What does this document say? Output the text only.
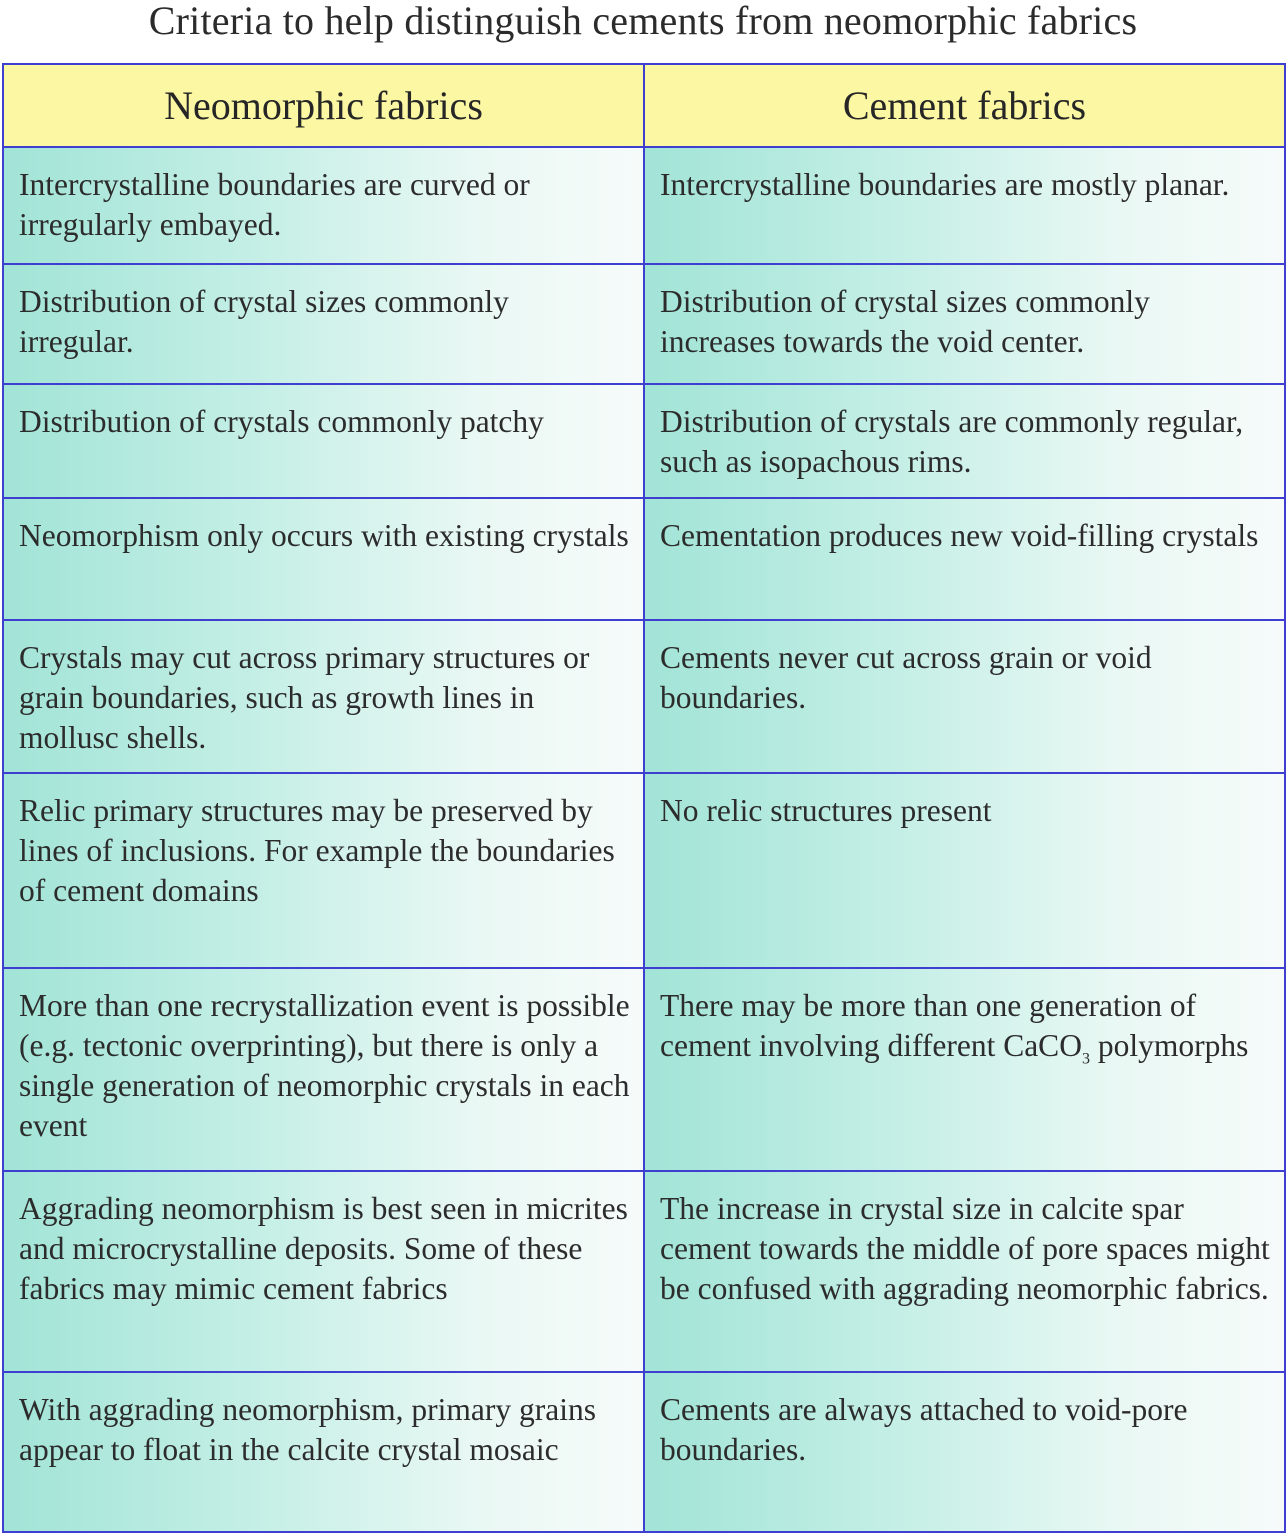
Criteria to help distinguish cements from neomorphic fabrics
Neomorphic fabrics	Cement fabrics
Intercrystalline boundaries are curved or irregularly embayed.	Intercrystalline boundaries are mostly planar.
Distribution of crystal sizes commonly irregular.	Distribution of crystal sizes commonly increases towards the void center.
Distribution of crystals commonly patchy	Distribution of crystals are commonly regular, such as isopachous rims.
Neomorphism only occurs with existing crystals	Cementation produces new void-filling crystals
Crystals may cut across primary structures or grain boundaries, such as growth lines in mollusc shells.	Cements never cut across grain or void boundaries.
Relic primary structures may be preserved by lines of inclusions. For example the boundaries of cement domains	No relic structures present
More than one recrystallization event is possible (e.g. tectonic overprinting), but there is only a single generation of neomorphic crystals in each event	There may be more than one generation of cement involving different CaCO$_3$ polymorphs
Aggrading neomorphism is best seen in micrites and microcrystalline deposits. Some of these fabrics may mimic cement fabrics	The increase in crystal size in calcite spar cement towards the middle of pore spaces might be confused with aggrading neomorphic fabrics.
With aggrading neomorphism, primary grains appear to float in the calcite crystal mosaic	Cements are always attached to void-pore boundaries.
